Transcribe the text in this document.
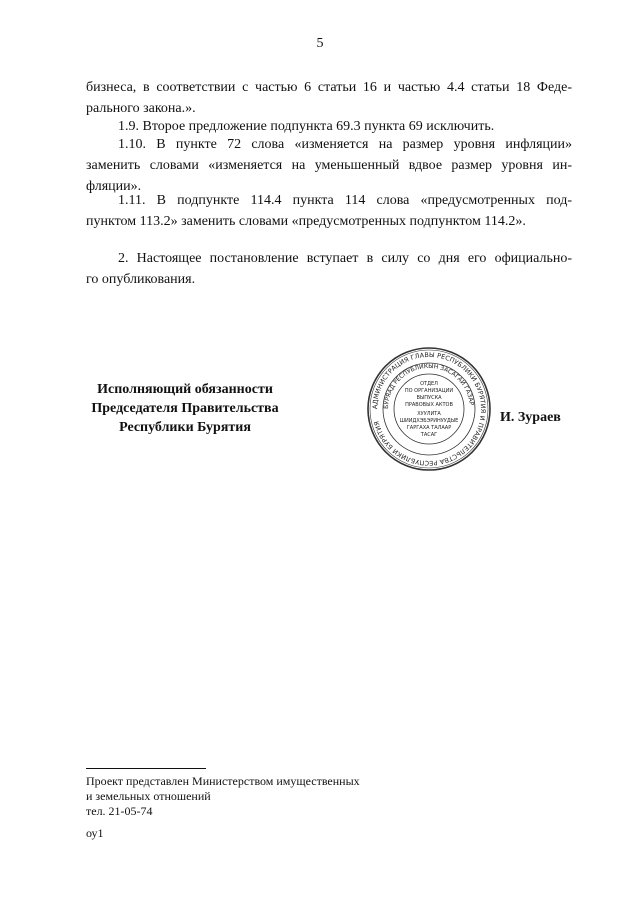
5
бизнеса, в соответствии с частью 6 статьи 16 и частью 4.4 статьи 18 Феде-
рального закона.».
1.9. Второе предложение подпункта 69.3 пункта 69 исключить.
1.10. В пункте 72 слова «изменяется на размер уровня инфляции»
заменить словами «изменяется на уменьшенный вдвое размер уровня ин-
фляции».
1.11. В подпункте 114.4 пункта 114 слова «предусмотренных под-
пунктом 113.2» заменить словами «предусмотренных подпунктом 114.2».
2. Настоящее постановление вступает в силу со дня его официально-
го опубликования.
Исполняющий обязанности
Председателя Правительства
Республики Бурятия
АДМИНИСТРАЦИЯ ГЛАВЫ РЕСПУБЛИКИ БУРЯТИЯ И ПРАВИТЕЛЬСТВА РЕСПУБЛИКИ БУРЯТИЯ
БУРЯАД РЕСПУБЛИКЫН ЗАСАГАЙ ГАЗАР
ОТДЕЛ
ПО ОРГАНИЗАЦИИ
ВЫПУСКА
ПРАВОВЫХ АКТОВ
ХУУЛИТА
ШИИДХЭБЭРИНУУДЫЕ
ГАРГАХА ТАЛААР
ТАСАГ
И. Зураев
Проект представлен Министерством имущественных
и земельных отношений
тел. 21-05-74
оу1
